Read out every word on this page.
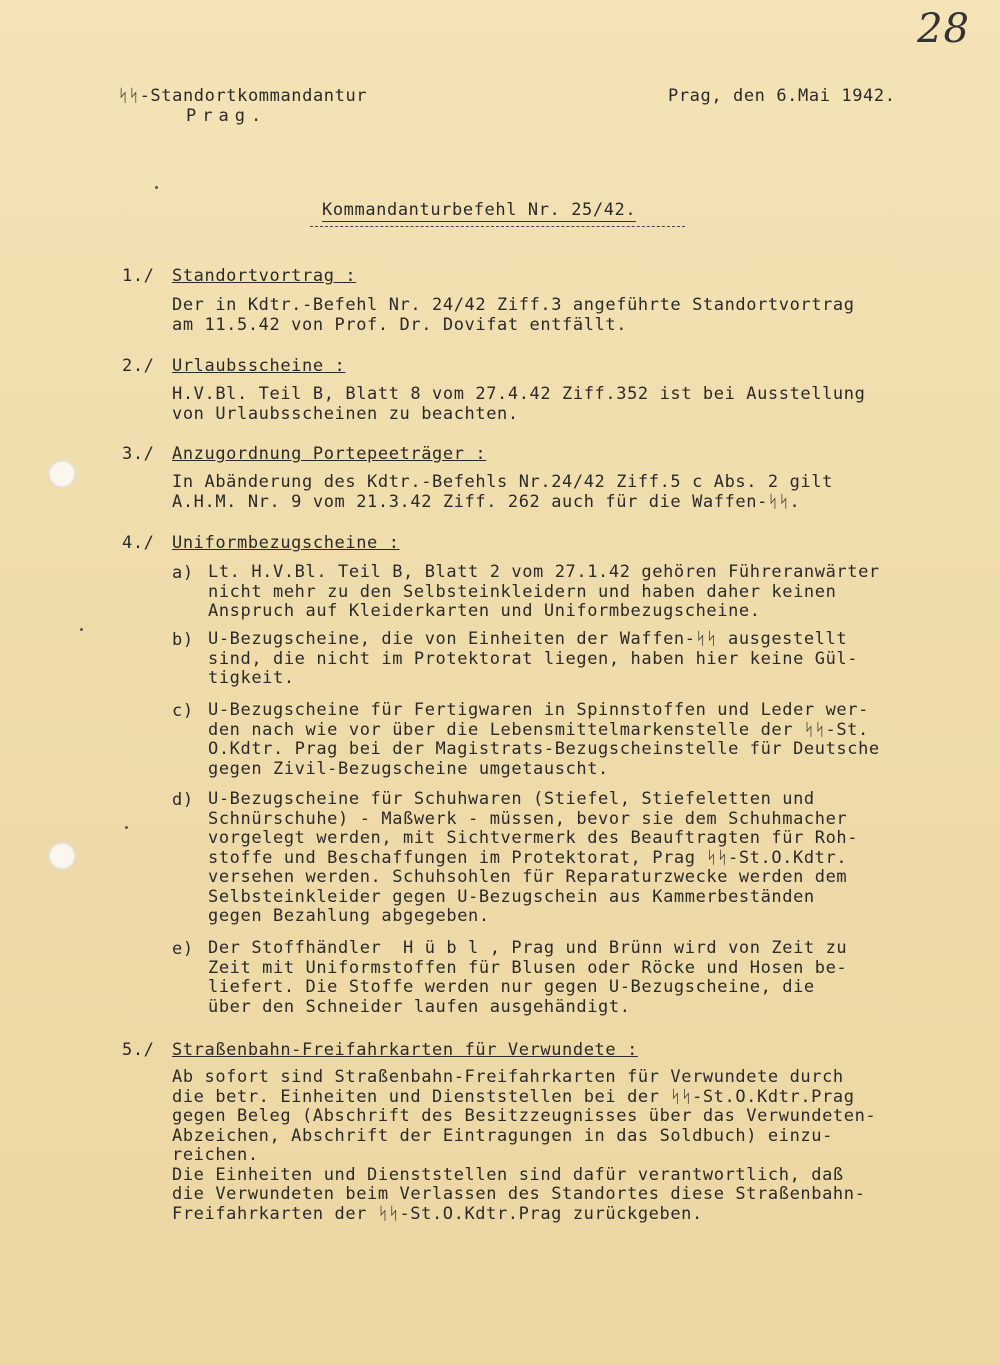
28
ᛋᛋ-Standortkommandantur
Prag.
Prag, den 6.Mai 1942.
Kommandanturbefehl Nr. 25/42.
1./ Standortvortrag :
Der in Kdtr.-Befehl Nr. 24/42 Ziff.3 angeführte Standortvortrag
am 11.5.42 von Prof. Dr. Dovifat entfällt.
2./ Urlaubsscheine :
H.V.Bl. Teil B, Blatt 8 vom 27.4.42 Ziff.352 ist bei Ausstellung
von Urlaubsscheinen zu beachten.
3./ Anzugordnung Portepeeträger :
In Abänderung des Kdtr.-Befehls Nr.24/42 Ziff.5 c Abs. 2 gilt
A.H.M. Nr. 9 vom 21.3.42 Ziff. 262 auch für die Waffen-ᛋᛋ.
4./ Uniformbezugscheine :
a) Lt. H.V.Bl. Teil B, Blatt 2 vom 27.1.42 gehören Führeranwärter
nicht mehr zu den Selbsteinkleidern und haben daher keinen
Anspruch auf Kleiderkarten und Uniformbezugscheine.
b) U-Bezugscheine, die von Einheiten der Waffen-ᛋᛋ ausgestellt
sind, die nicht im Protektorat liegen, haben hier keine Gül-
tigkeit.
c) U-Bezugscheine für Fertigwaren in Spinnstoffen und Leder wer-
den nach wie vor über die Lebensmittelmarkenstelle der ᛋᛋ-St.
O.Kdtr. Prag bei der Magistrats-Bezugscheinstelle für Deutsche
gegen Zivil-Bezugscheine umgetauscht.
d) U-Bezugscheine für Schuhwaren (Stiefel, Stiefeletten und
Schnürschuhe) - Maßwerk - müssen, bevor sie dem Schuhmacher
vorgelegt werden, mit Sichtvermerk des Beauftragten für Roh-
stoffe und Beschaffungen im Protektorat, Prag ᛋᛋ-St.O.Kdtr.
versehen werden. Schuhsohlen für Reparaturzwecke werden dem
Selbsteinkleider gegen U-Bezugschein aus Kammerbeständen
gegen Bezahlung abgegeben.
e) Der Stoffhändler  H ü b l , Prag und Brünn wird von Zeit zu
Zeit mit Uniformstoffen für Blusen oder Röcke und Hosen be-
liefert. Die Stoffe werden nur gegen U-Bezugscheine, die
über den Schneider laufen ausgehändigt.
5./ Straßenbahn-Freifahrkarten für Verwundete :
Ab sofort sind Straßenbahn-Freifahrkarten für Verwundete durch
die betr. Einheiten und Dienststellen bei der ᛋᛋ-St.O.Kdtr.Prag
gegen Beleg (Abschrift des Besitzzeugnisses über das Verwundeten-
Abzeichen, Abschrift der Eintragungen in das Soldbuch) einzu-
reichen.
Die Einheiten und Dienststellen sind dafür verantwortlich, daß
die Verwundeten beim Verlassen des Standortes diese Straßenbahn-
Freifahrkarten der ᛋᛋ-St.O.Kdtr.Prag zurückgeben.
